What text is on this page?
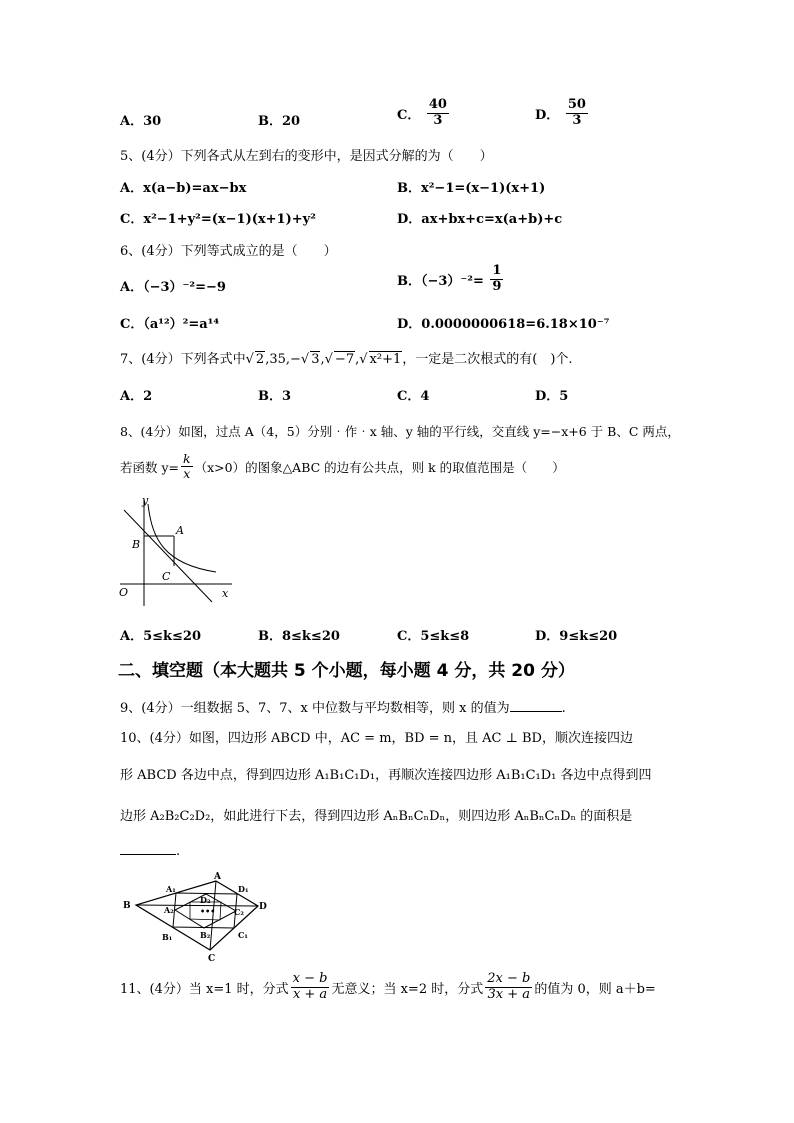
A．30	B．20	C． $\frac{40}{3}$	D． $\frac{50}{3}$
5、(4分）下列各式从左到右的变形中，是因式分解的为（　　）
A．x(a−b)=ax−bx	B．x²−1=(x−1)(x+1)
C．x²−1+y²=(x−1)(x+1)+y²	D．ax+bx+c=x(a+b)+c
6、(4分）下列等式成立的是（　　）
A．（−3）⁻²=−9	B．$(-3)^{-2}= \frac{1}{9}$
C．（a¹²）²=a¹⁴	D．0.0000000618=6.18×10⁻⁷
7、(4分）下列各式中√ 2,35,−√ 3,√ −7,√ x²+1，一定是二次根式的有(　)个.
A．2	B．3	C．4	D．5
8、(4分）如图，过点 A（4，5）分别‧作‧x 轴、y 轴的平行线，交直线 y=−x+6 于 B、C 两点，
若函数 $y= \frac{k}{x} (x>0)$的图象△ABC 的边有公共点，则 k 的取值范围是（　　）
y
x
O
A
B
C
A．5≤k≤20	B．8≤k≤20	C．5≤k≤8	D．9≤k≤20
二、填空题（本大题共 5 个小题，每小题 4 分，共 20 分）
9、(4分）一组数据 5、7、7、x 中位数与平均数相等，则 x 的值为	.
10、(4分）如图，四边形 ABCD 中，AC = m，BD = n，且 AC ⊥ BD，顺次连接四边
形 ABCD 各边中点，得到四边形 A₁B₁C₁D₁，再顺次连接四边形 A₁B₁C₁D₁ 各边中点得到四
边形 A₂B₂C₂D₂，如此进行下去，得到四边形 AₙBₙCₙDₙ，则四边形 AₙBₙCₙDₙ 的面积是
.
A
B
C
D
A₁
B₁	C₁
D₁
A₂
B₂
C₂
D₂
•••
11、(4分）当 x=1 时，分式 $\frac{x - b}{x + a}$ 无意义；当 x=2 时，分式 $\frac{2x - b}{3x + a}$ 的值为 0，则 a＋b=
